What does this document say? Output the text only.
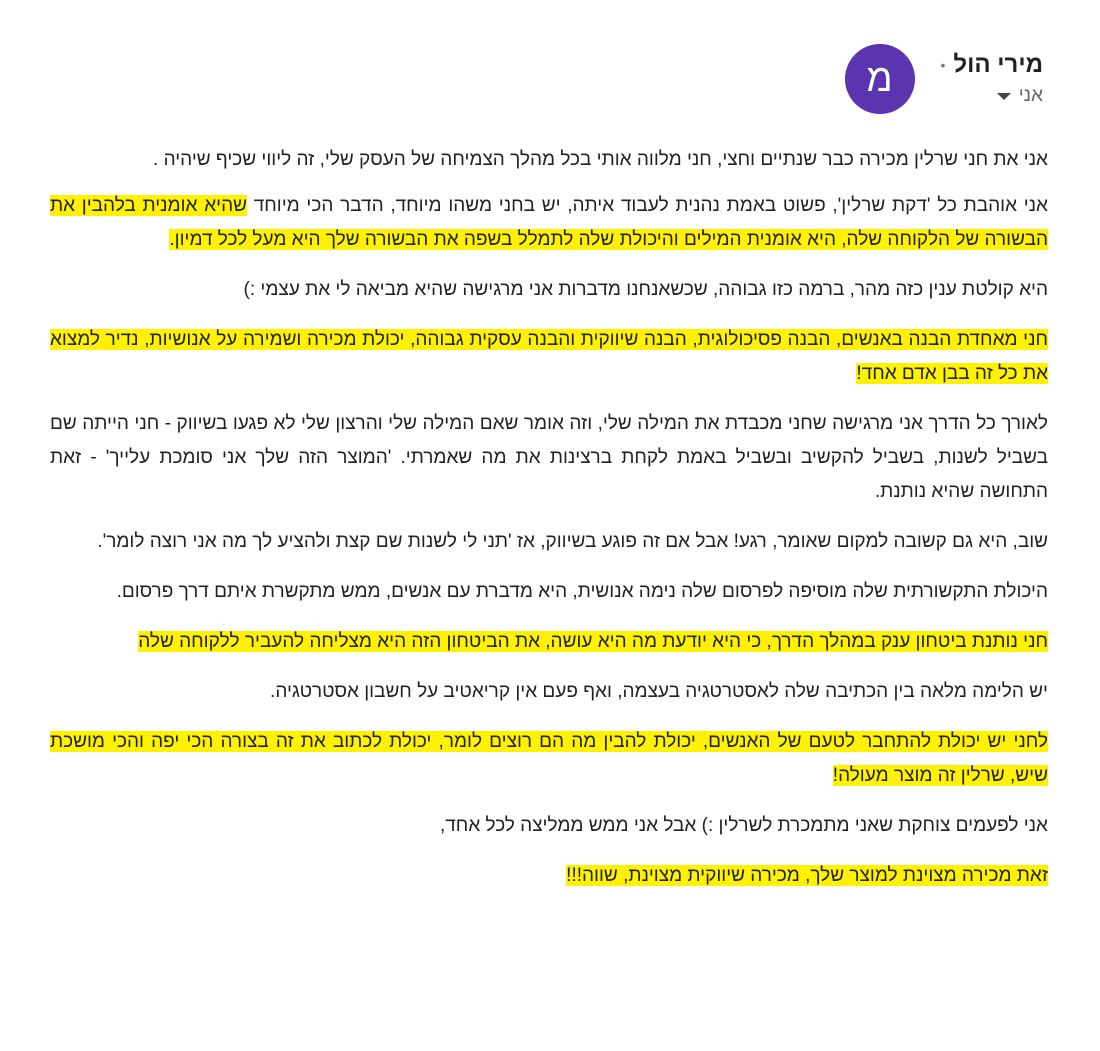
מ	מירי הול
•
אני

אני את חני שרלין מכירה כבר שנתיים וחצי, חני מלווה אותי בכל מהלך הצמיחה של העסק שלי, זה ליווי שכיף שיהיה .

אני אוהבת כל 'דקת שרלין', פשוט באמת נהנית לעבוד איתה, יש בחני משהו מיוחד, הדבר הכי מיוחד שהיא אומנית בלהבין את הבשורה של הלקוחה שלה, היא אומנית המילים והיכולת שלה לתמלל בשפה את הבשורה שלך היא מעל לכל דמיון.

היא קולטת ענין כזה מהר, ברמה כזו גבוהה, שכשאנחנו מדברות אני מרגישה שהיא מביאה לי את עצמי :)

חני מאחדת הבנה באנשים, הבנה פסיכולוגית, הבנה שיווקית והבנה עסקית גבוהה, יכולת מכירה ושמירה על אנושיות, נדיר למצוא את כל זה בבן אדם אחד!

לאורך כל הדרך אני מרגישה שחני מכבדת את המילה שלי, וזה אומר שאם המילה שלי והרצון שלי לא פגעו בשיווק - חני הייתה שם בשביל לשנות, בשביל להקשיב ובשביל באמת לקחת ברצינות את מה שאמרתי. 'המוצר הזה שלך אני סומכת עלייך' - זאת התחושה שהיא נותנת.

שוב, היא גם קשובה למקום שאומר, רגע! אבל אם זה פוגע בשיווק, אז 'תני לי לשנות שם קצת ולהציע לך מה אני רוצה לומר'.

היכולת התקשורתית שלה מוסיפה לפרסום שלה נימה אנושית, היא מדברת עם אנשים, ממש מתקשרת איתם דרך פרסום.

חני נותנת ביטחון ענק במהלך הדרך, כי היא יודעת מה היא עושה, את הביטחון הזה היא מצליחה להעביר ללקוחה שלה

יש הלימה מלאה בין הכתיבה שלה לאסטרטגיה בעצמה, ואף פעם אין קריאטיב על חשבון אסטרטגיה.

לחני יש יכולת להתחבר לטעם של האנשים, יכולת להבין מה הם רוצים לומר, יכולת לכתוב את זה בצורה הכי יפה והכי מושכת שיש, שרלין זה מוצר מעולה!

אני לפעמים צוחקת שאני מתמכרת לשרלין :) אבל אני ממש ממליצה לכל אחד,

זאת מכירה מצוינת למוצר שלך, מכירה שיווקית מצוינת, שווה!!!
